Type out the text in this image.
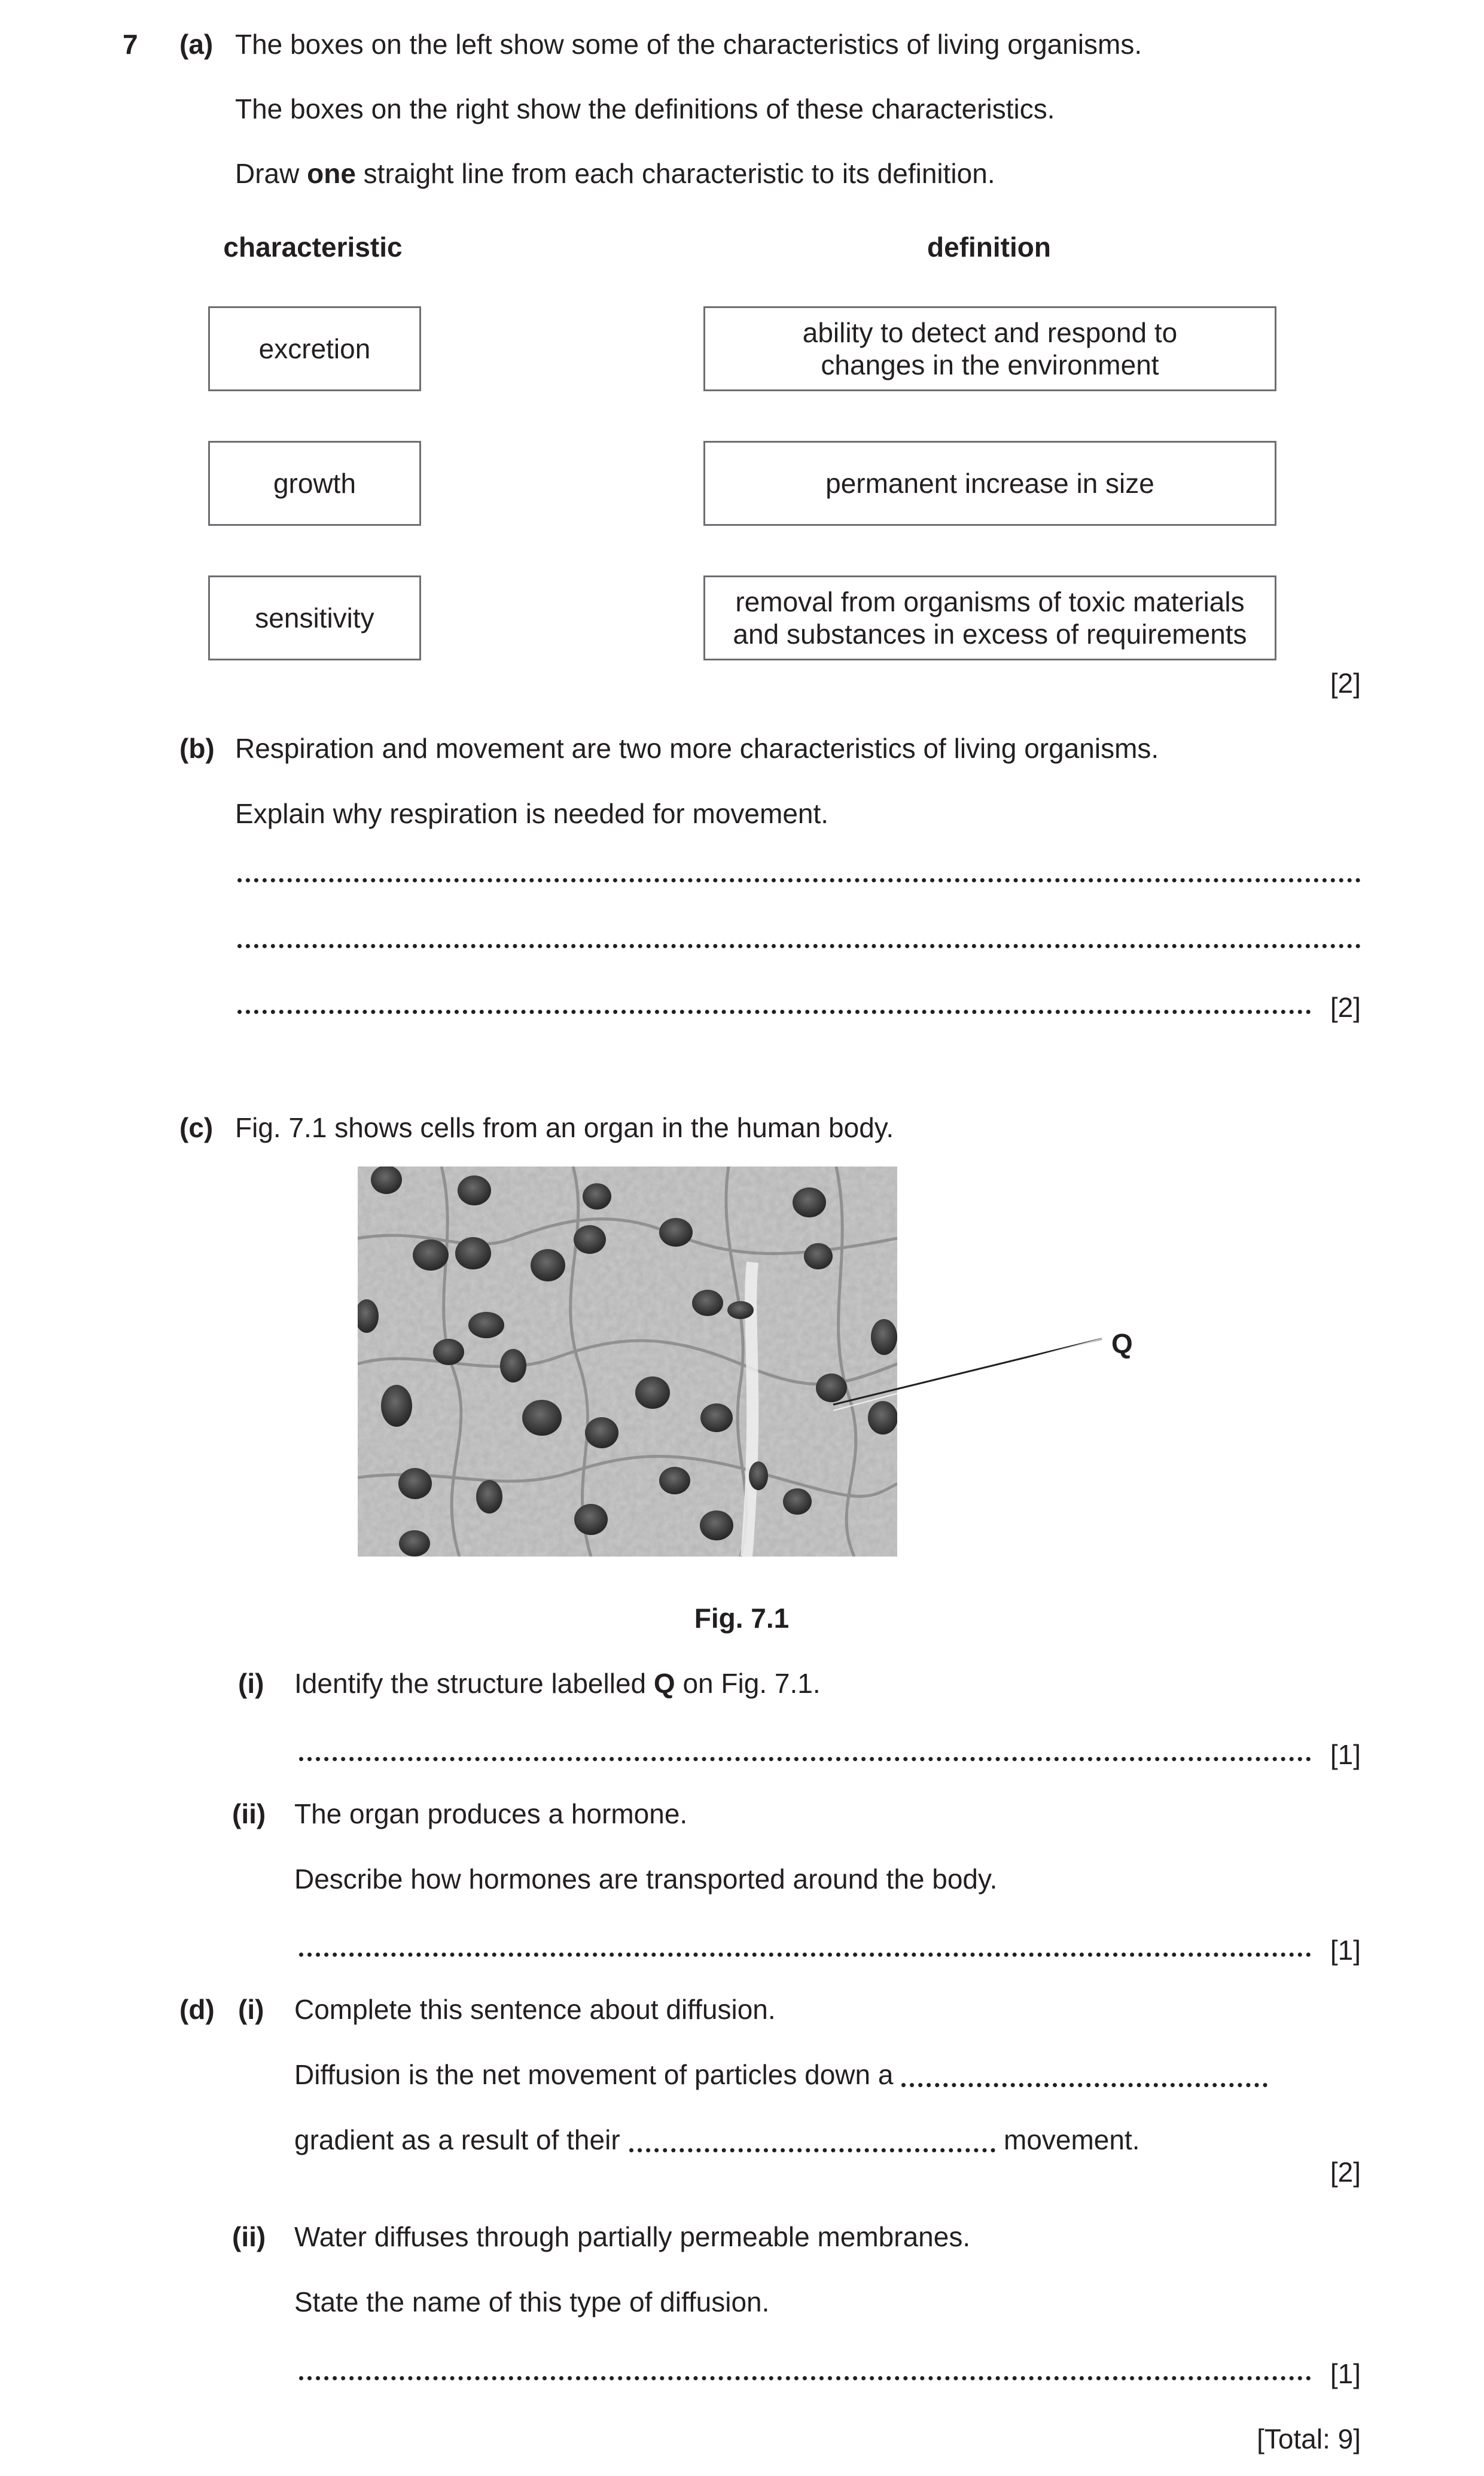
7 (a) The boxes on the left show some of the characteristics of living organisms.
The boxes on the right show the definitions of these characteristics.
Draw one straight line from each characteristic to its definition.
characteristic	definition
excretion
growth
sensitivity
ability to detect and respond to
changes in the environment
permanent increase in size
removal from organisms of toxic materials
and substances in excess of requirements
[2]
(b) Respiration and movement are two more characteristics of living organisms.
Explain why respiration is needed for movement.
[2]
(c) Fig. 7.1 shows cells from an organ in the human body.
Q
Fig. 7.1
(i) Identify the structure labelled Q on Fig. 7.1.
[1]
(ii) The organ produces a hormone.
Describe how hormones are transported around the body.
[1]
(d) (i) Complete this sentence about diffusion.
Diffusion is the net movement of particles down a
gradient as a result of their	movement.
[2]
(ii) Water diffuses through partially permeable membranes.
State the name of this type of diffusion.
[1]
[Total: 9]
